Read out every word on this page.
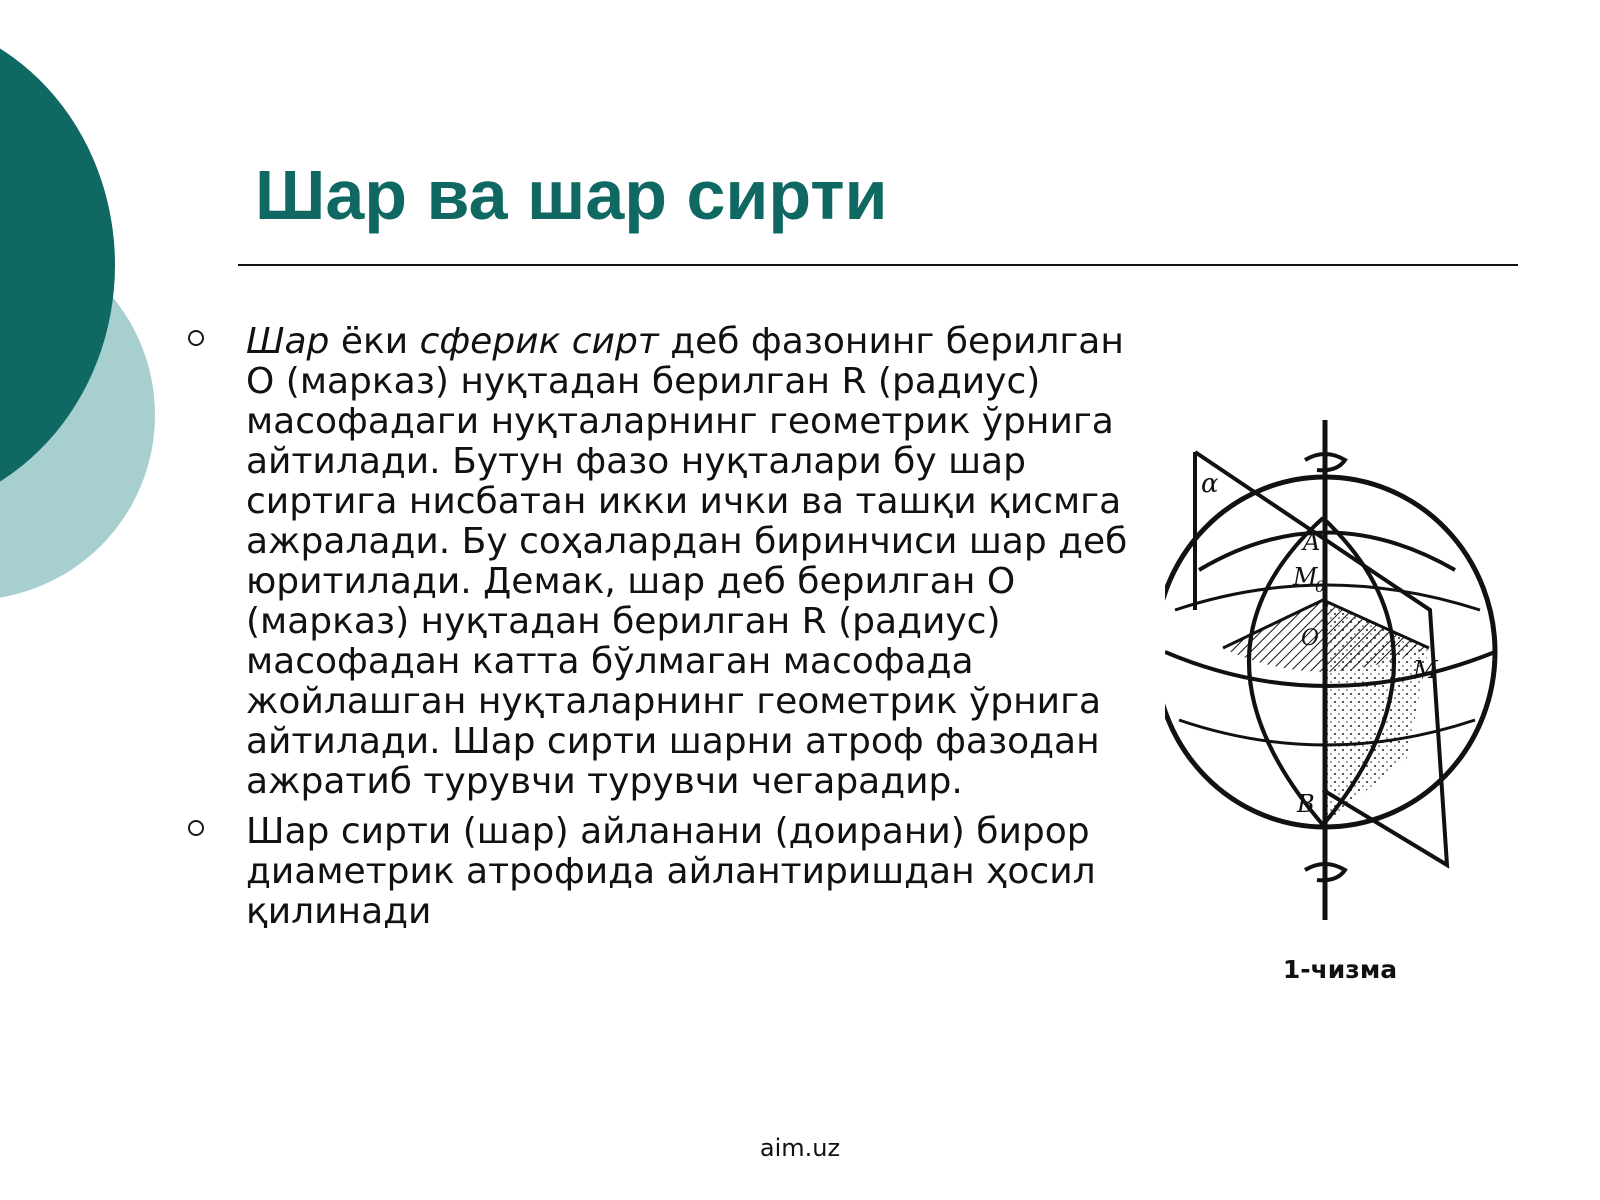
Шар ва шар сирти
Шар ёки сферик сирт деб фазонинг берилган О (марказ) нуқтадан берилган R (радиус) масофадаги нуқталарнинг геометрик ўрнига айтилади. Бутун фазо нуқталари бу шар сиртига нисбатан икки ички ва ташқи қисмга ажралади. Бу соҳалардан биринчиси шар деб юритилади. Демак, шар деб берилган О (марказ) нуқтадан берилган R (радиус) масофадан катта бўлмаган масофада жойлашган нуқталарнинг геометрик ўрнига айтилади. Шар сирти шарни атроф фазодан ажратиб турувчи турувчи чегарадир.
Шар сирти (шар) айланани (доирани) бирор диаметрик атрофида айлантиришдан ҳосил қилинади
α
A
M
0
O
M
B
1-чизма
aim.uz
